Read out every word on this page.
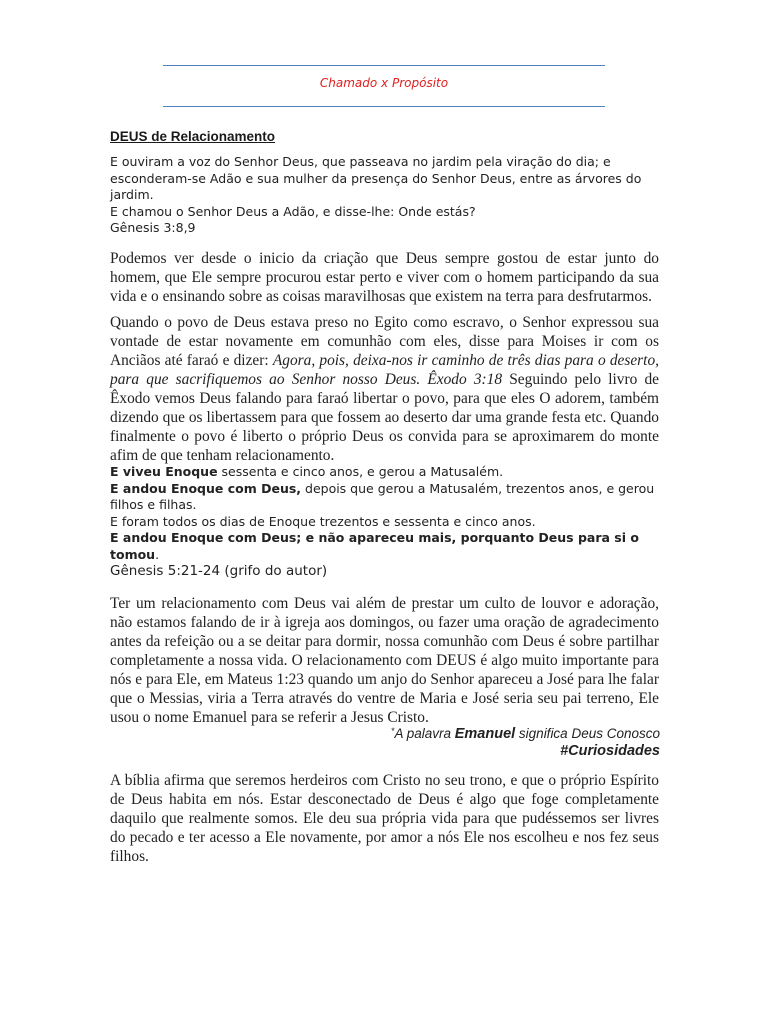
Chamado x Propósito
DEUS de Relacionamento

E ouviram a voz do Senhor Deus, que passeava no jardim pela viração do dia; e esconderam-se Adão e sua mulher da presença do Senhor Deus, entre as árvores do jardim.

E chamou o Senhor Deus a Adão, e disse-lhe: Onde estás?

Gênesis 3:8,9

Podemos ver desde o inicio da criação que Deus sempre gostou de estar junto do homem, que Ele sempre procurou estar perto e viver com o homem participando da sua vida e o ensinando sobre as coisas maravilhosas que existem na terra para desfrutarmos.
Quando o povo de Deus estava preso no Egito como escravo, o Senhor expressou sua vontade de estar novamente em comunhão com eles, disse para Moises ir com os Anciãos até faraó e dizer: Agora, pois, deixa-nos ir caminho de três dias para o deserto, para que sacrifiquemos ao Senhor nosso Deus. Êxodo 3:18 Seguindo pelo livro de Êxodo vemos Deus falando para faraó libertar o povo, para que eles O adorem, também dizendo que os libertassem para que fossem ao deserto dar uma grande festa etc. Quando finalmente o povo é liberto o próprio Deus os convida para se aproximarem do monte afim de que tenham relacionamento.

E viveu Enoque sessenta e cinco anos, e gerou a Matusalém.

E andou Enoque com Deus, depois que gerou a Matusalém, trezentos anos, e gerou filhos e filhas.

E foram todos os dias de Enoque trezentos e sessenta e cinco anos.

E andou Enoque com Deus; e não apareceu mais, porquanto Deus para si o tomou.

Gênesis 5:21-24 (grifo do autor)

Ter um relacionamento com Deus vai além de prestar um culto de louvor e adoração, não estamos falando de ir à igreja aos domingos, ou fazer uma oração de agradecimento antes da refeição ou a se deitar para dormir, nossa comunhão com Deus é sobre partilhar completamente a nossa vida. O relacionamento com DEUS é algo muito importante para nós e para Ele, em Mateus 1:23 quando um anjo do Senhor apareceu a José para lhe falar que o Messias, viria a Terra através do ventre de Maria e José seria seu pai terreno, Ele usou o nome Emanuel para se referir a Jesus Cristo.
*A palavra Emanuel significa Deus Conosco
#Curiosidades
A bíblia afirma que seremos herdeiros com Cristo no seu trono, e que o próprio Espírito de Deus habita em nós. Estar desconectado de Deus é algo que foge completamente daquilo que realmente somos. Ele deu sua própria vida para que pudéssemos ser livres do pecado e ter acesso a Ele novamente, por amor a nós Ele nos escolheu e nos fez seus filhos.
